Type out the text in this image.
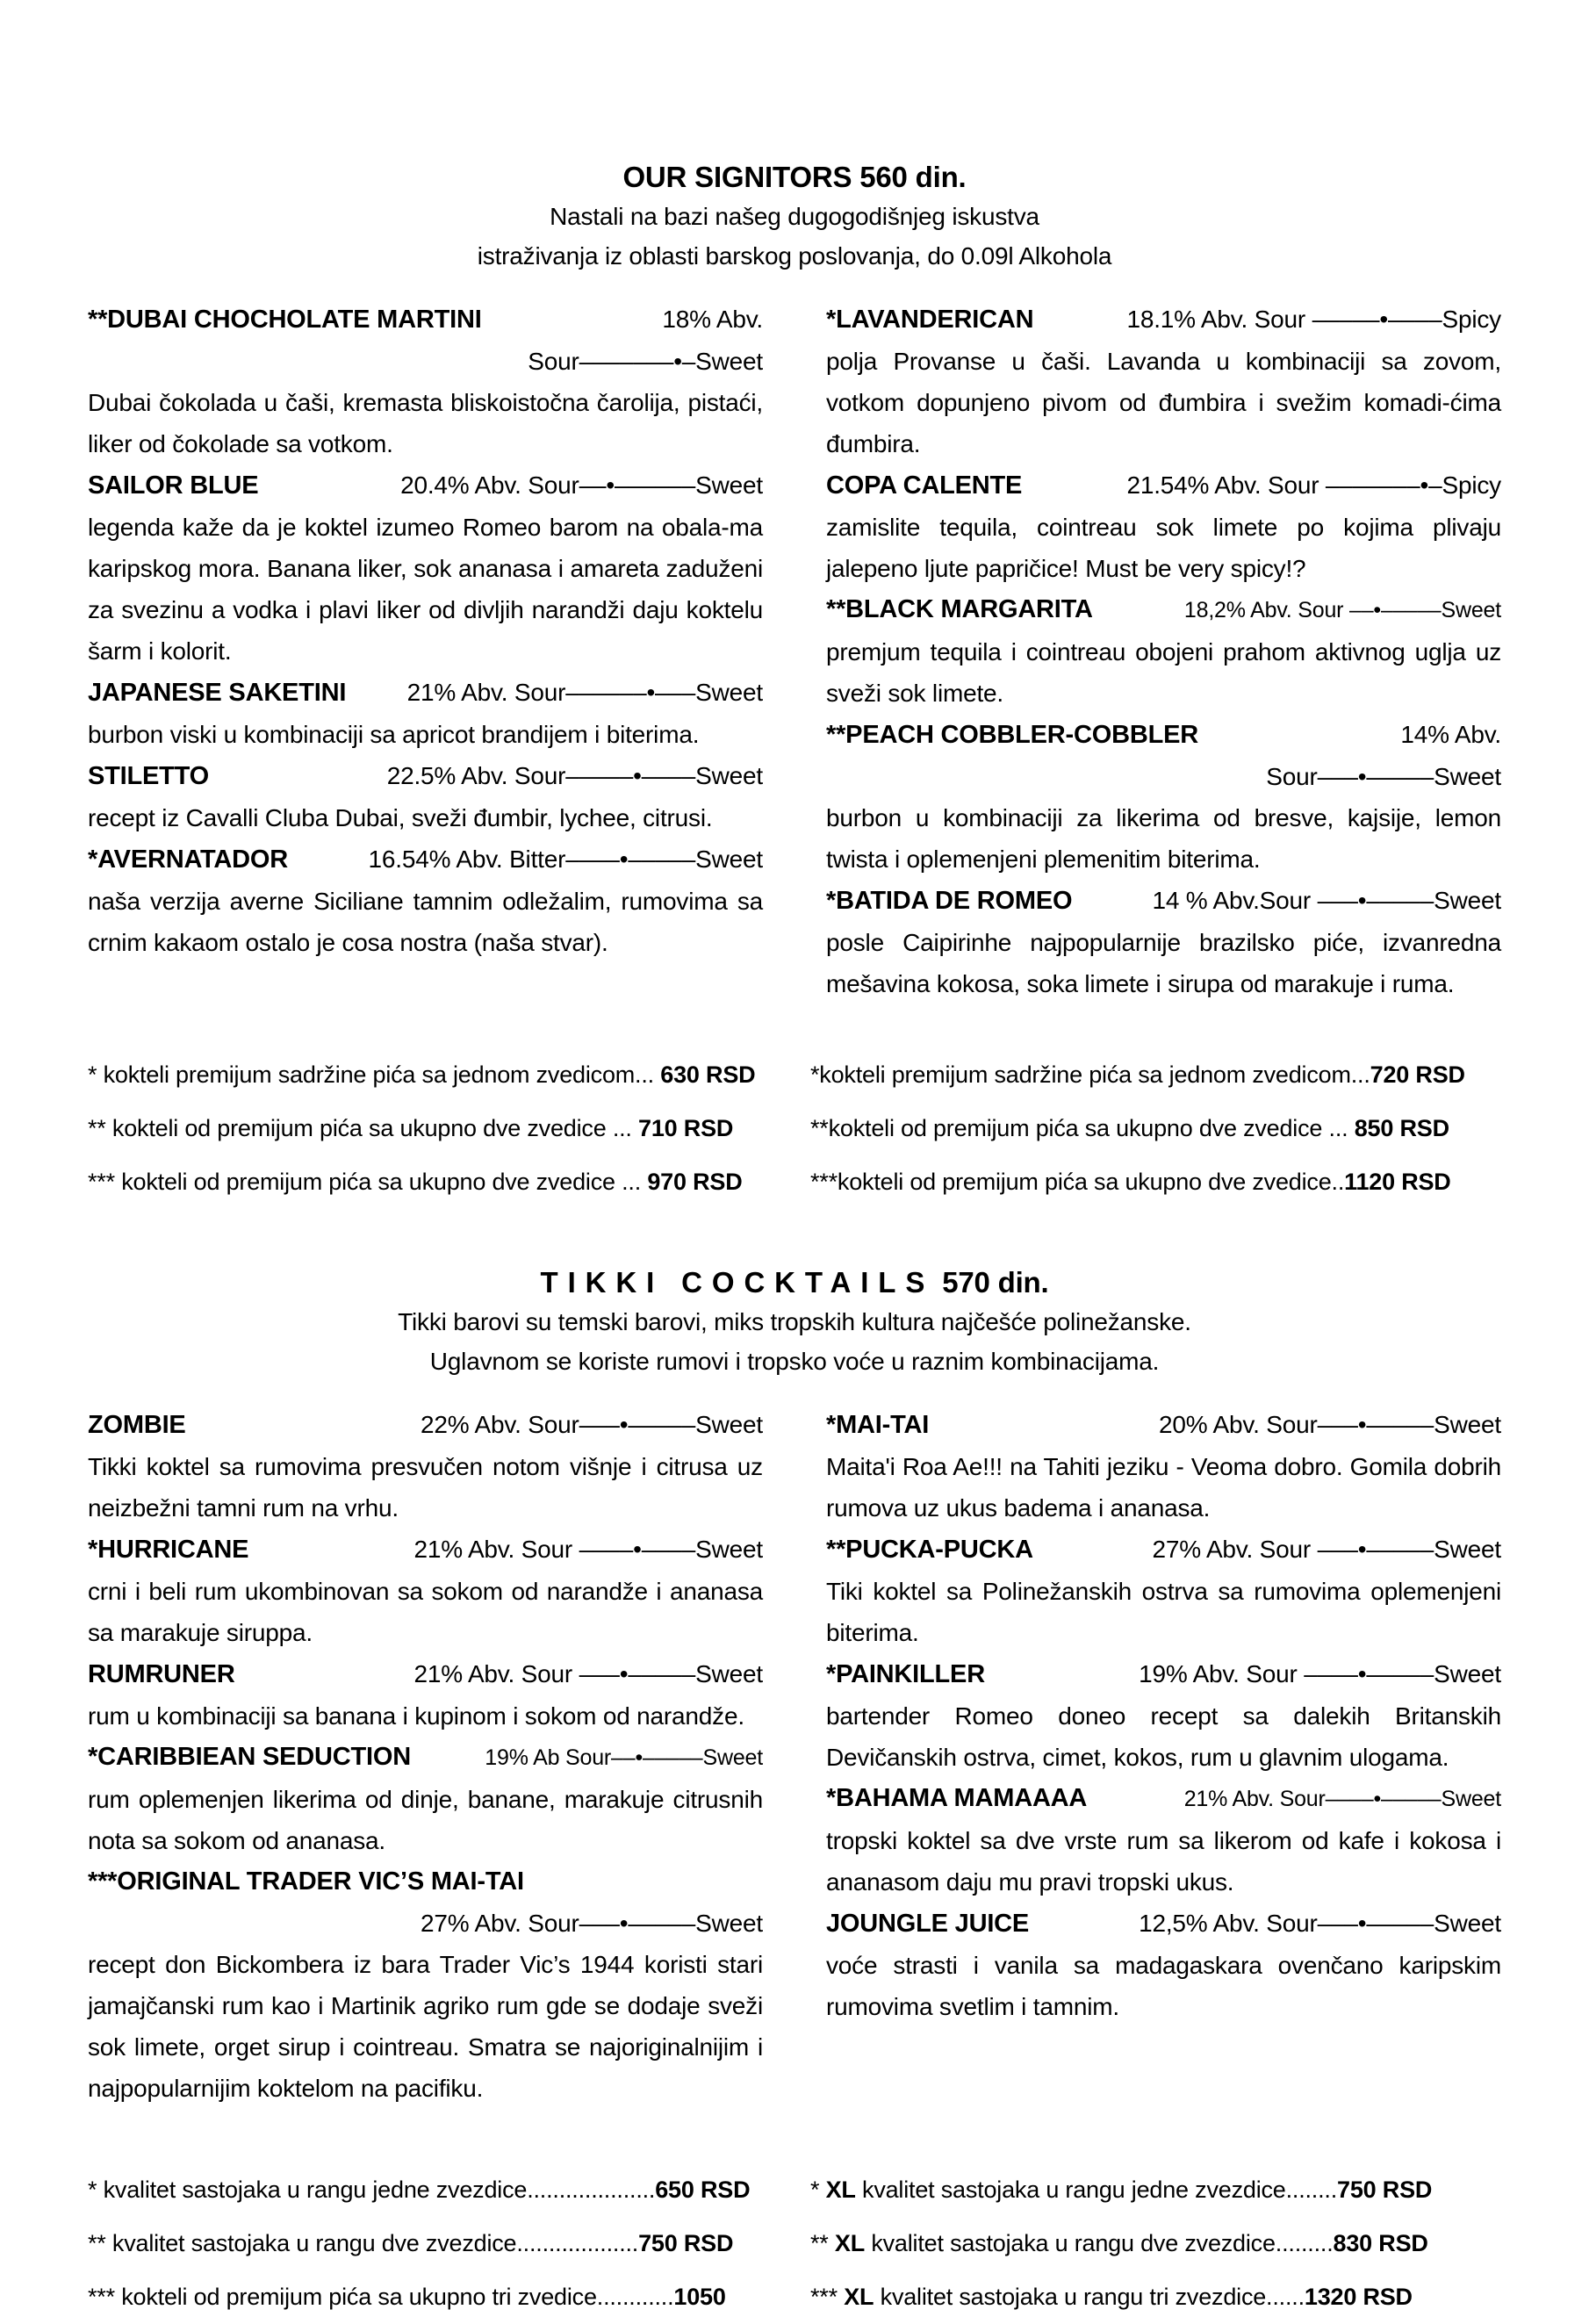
OUR SIGNITORS 560 din.

Nastali na bazi našeg dugogodišnjeg iskustva

istraživanja iz oblasti barskog poslovanja, do 0.09l Alkohola

**DUBAI CHOCHOLATE MARTINI	18% Abv.
Sour–––––––•–Sweet
Dubai čokolada u čaši, kremasta bliskoistočna čarolija, pistaći, liker od čokolade sa votkom.
SAILOR BLUE	20.4% Abv. Sour––•––––––Sweet
legenda kaže da je koktel izumeo Romeo barom na obala-ma karipskog mora. Banana liker, sok ananasa i amareta zaduženi za svezinu a vodka i plavi liker od divljih narandži daju koktelu šarm i kolorit.
JAPANESE SAKETINI 21% Abv. Sour––––––•–––Sweet
burbon viski u kombinaciji sa apricot brandijem i biterima.
STILETTO	22.5% Abv. Sour–––––•––––Sweet
recept iz Cavalli Cluba Dubai, sveži đumbir, lychee, citrusi.
*AVERNATADOR	16.54% Abv. Bitter––––•–––––Sweet
naša verzija averne Siciliane tamnim odležalim, rumovima sa crnim kakaom ostalo je cosa nostra (naša stvar).
*LAVANDERICAN	18.1% Abv. Sour –––––•––––Spicy
polja Provanse u čaši. Lavanda u kombinaciji sa zovom, votkom dopunjeno pivom od đumbira i svežim komadi-ćima đumbira.
COPA CALENTE	21.54% Abv. Sour –––––––•–Spicy
zamislite tequila, cointreau sok limete po kojima plivaju jalepeno ljute papričice! Must be very spicy!?
**BLACK MARGARITA	18,2% Abv. Sour ––•–––––Sweet
premjum tequila i cointreau obojeni prahom aktivnog uglja uz sveži sok limete.
**PEACH COBBLER-COBBLER	14% Abv.
Sour–––•–––––Sweet
burbon u kombinaciji za likerima od bresve, kajsije, lemon twista i oplemenjeni plemenitim biterima.
*BATIDA DE ROMEO	14 % Abv.Sour –––•–––––Sweet
posle Caipirinhe najpopularnije brazilsko piće, izvanredna mešavina kokosa, soka limete i sirupa od marakuje i ruma.
* kokteli premijum sadržine pića sa jednom zvedicom... 630 RSD
** kokteli od premijum pića sa ukupno dve zvedice ... 710 RSD
*** kokteli od premijum pića sa ukupno dve zvedice ... 970 RSD
*kokteli premijum sadržine pića sa jednom zvedicom...720 RSD
**kokteli od premijum pića sa ukupno dve zvedice ... 850 RSD
***kokteli od premijum pića sa ukupno dve zvedice..1120 RSD

TIKKI COCKTAILS 570 din.

Tikki barovi su temski barovi, miks tropskih kultura najčešće polinežanske.

Uglavnom se koriste rumovi i tropsko voće u raznim kombinacijama.

ZOMBIE	22% Abv. Sour–––•–––––Sweet
Tikki koktel sa rumovima presvučen notom višnje i citrusa uz neizbežni tamni rum na vrhu.
*HURRICANE	21% Abv. Sour ––––•––––Sweet
crni i beli rum ukombinovan sa sokom od narandže i ananasa sa marakuje siruppa.
RUMRUNER	21% Abv. Sour –––•–––––Sweet
rum u kombinaciji sa banana i kupinom i sokom od narandže.
*CARIBBIEAN SEDUCTION	19% Ab Sour––•–––––Sweet
rum oplemenjen likerima od dinje, banane, marakuje citrusnih nota sa sokom od ananasa.
***ORIGINAL TRADER VIC’S MAI-TAI
27% Abv. Sour–––•–––––Sweet
recept don Bickombera iz bara Trader Vic’s 1944 koristi stari jamajčanski rum kao i Martinik agriko rum gde se dodaje sveži sok limete, orget sirup i cointreau. Smatra se najoriginalnijim i najpopularnijim koktelom na pacifiku.
*MAI-TAI	20% Abv. Sour–––•–––––Sweet
Maita'i Roa Ae!!! na Tahiti jeziku - Veoma dobro. Gomila dobrih rumova uz ukus badema i ananasa.
**PUCKA-PUCKA	27% Abv. Sour –––•–––––Sweet
Tiki koktel sa Polinežanskih ostrva sa rumovima oplemenjeni biterima.
*PAINKILLER	19% Abv. Sour ––––•–––––Sweet
bartender Romeo doneo recept sa dalekih Britanskih Devičanskih ostrva, cimet, kokos, rum u glavnim ulogama.
*BAHAMA MAMAAAA	21% Abv. Sour––––•–––––Sweet
tropski koktel sa dve vrste rum sa likerom od kafe i kokosa i ananasom daju mu pravi tropski ukus.
JOUNGLE JUICE	12,5% Abv. Sour–––•–––––Sweet
voće strasti i vanila sa madagaskara ovenčano karipskim rumovima svetlim i tamnim.
* kvalitet sastojaka u rangu jedne zvezdice....................650 RSD
** kvalitet sastojaka u rangu dve zvezdice...................750 RSD
*** kokteli od premijum pića sa ukupno tri zvedice............1050
* XL kvalitet sastojaka u rangu jedne zvezdice........750 RSD
** XL kvalitet sastojaka u rangu dve zvezdice.........830 RSD
*** XL kvalitet sastojaka u rangu tri zvezdice......1320 RSD
